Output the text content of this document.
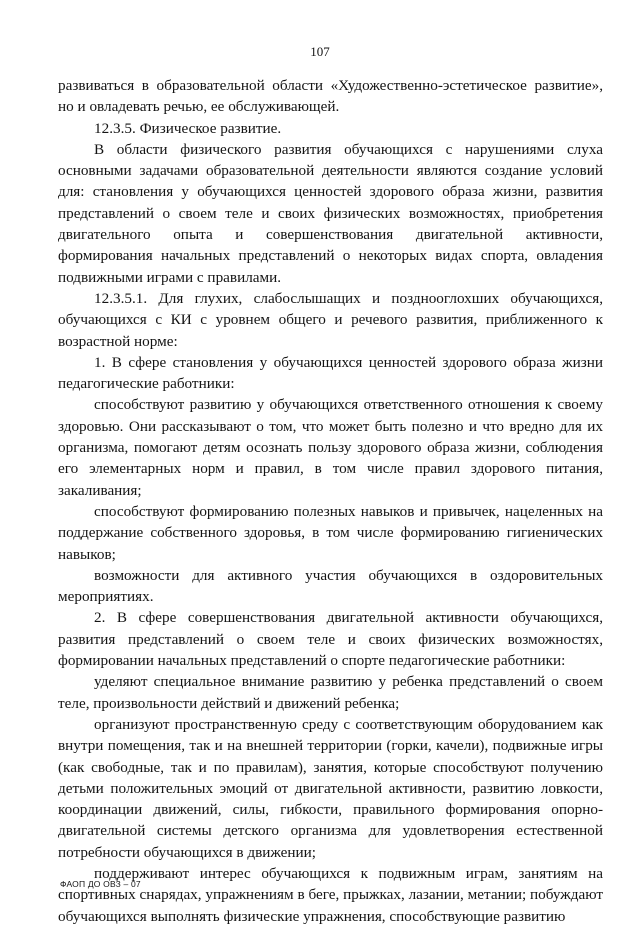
107

развиваться в образовательной области «Художественно-эстетическое развитие», но и овладевать речью, ее обслуживающей.

12.3.5. Физическое развитие.

В области физического развития обучающихся с нарушениями слуха основными задачами образовательной деятельности являются создание условий для: становления у обучающихся ценностей здорового образа жизни, развития представлений о своем теле и своих физических возможностях, приобретения двигательного опыта и совершенствования двигательной активности, формирования начальных представлений о некоторых видах спорта, овладения подвижными играми с правилами.

12.3.5.1. Для глухих, слабослышащих и позднооглохших обучающихся, обучающихся с КИ с уровнем общего и речевого развития, приближенного к возрастной норме:

1. В сфере становления у обучающихся ценностей здорового образа жизни педагогические работники:

способствуют развитию у обучающихся ответственного отношения к своему здоровью. Они рассказывают о том, что может быть полезно и что вредно для их организма, помогают детям осознать пользу здорового образа жизни, соблюдения его элементарных норм и правил, в том числе правил здорового питания, закаливания;

способствуют формированию полезных навыков и привычек, нацеленных на поддержание собственного здоровья, в том числе формированию гигиенических навыков;

возможности для активного участия обучающихся в оздоровительных мероприятиях.

2. В сфере совершенствования двигательной активности обучающихся, развития представлений о своем теле и своих физических возможностях, формировании начальных представлений о спорте педагогические работники:

уделяют специальное внимание развитию у ребенка представлений о своем теле, произвольности действий и движений ребенка;

организуют пространственную среду с соответствующим оборудованием как внутри помещения, так и на внешней территории (горки, качели), подвижные игры (как свободные, так и по правилам), занятия, которые способствуют получению детьми положительных эмоций от двигательной активности, развитию ловкости, координации движений, силы, гибкости, правильного формирования опорно-двигательной системы детского организма для удовлетворения естественной потребности обучающихся в движении;

поддерживают интерес обучающихся к подвижным играм, занятиям на спортивных снарядах, упражнениям в беге, прыжках, лазании, метании; побуждают обучающихся выполнять физические упражнения, способствующие развитию

ФАОП ДО ОВЗ – 07
